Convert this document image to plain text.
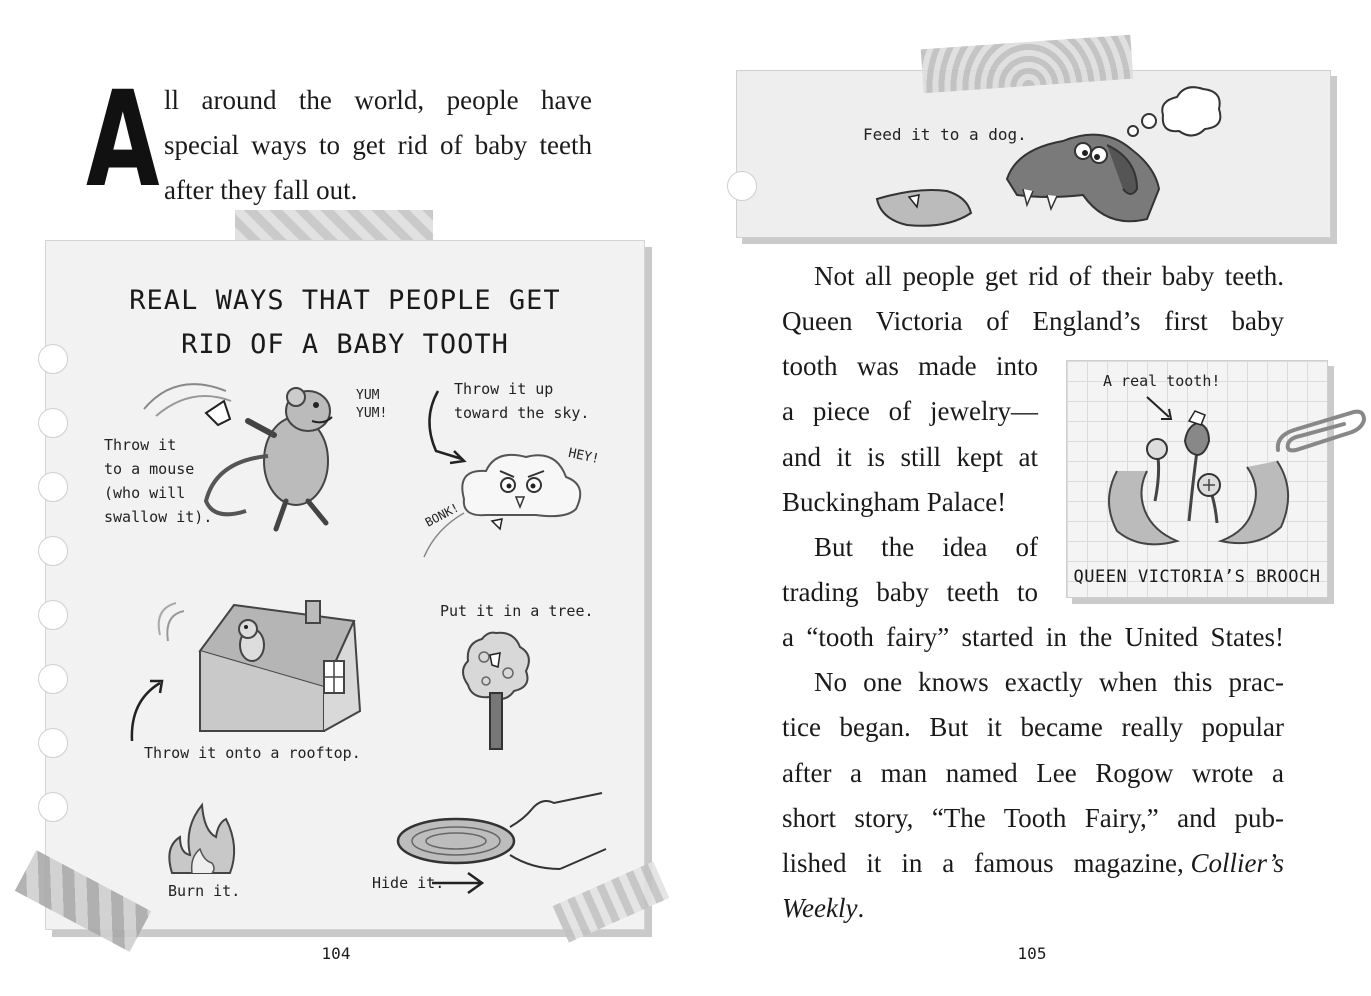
A ll around the world, people have
special ways to get rid of baby teeth
after they fall out.
REAL WAYS THAT PEOPLE GET
RID OF A BABY TOOTH
Throw it
to a mouse
(who will
swallow it).
YUM
YUM!
Throw it up
toward the sky.
HEY!
BONK!
Throw it onto a rooftop.
Put it in a tree.
Burn it.	Hide it.
104
Feed it to a dog.
Not all people get rid of their baby teeth.
Queen Victoria of England’s first baby
tooth was made into
a piece of jewelry—
and it is still kept at
Buckingham Palace!
But the idea of
trading baby teeth to
a “tooth fairy” started in the United States!
No one knows exactly when this prac-
tice began. But it became really popular
after a man named Lee Rogow wrote a
short story, “The Tooth Fairy,” and pub-
lished it in a famous magazine, Collier’s
Weekly.
A real tooth!
QUEEN VICTORIA’S BROOCH
105
